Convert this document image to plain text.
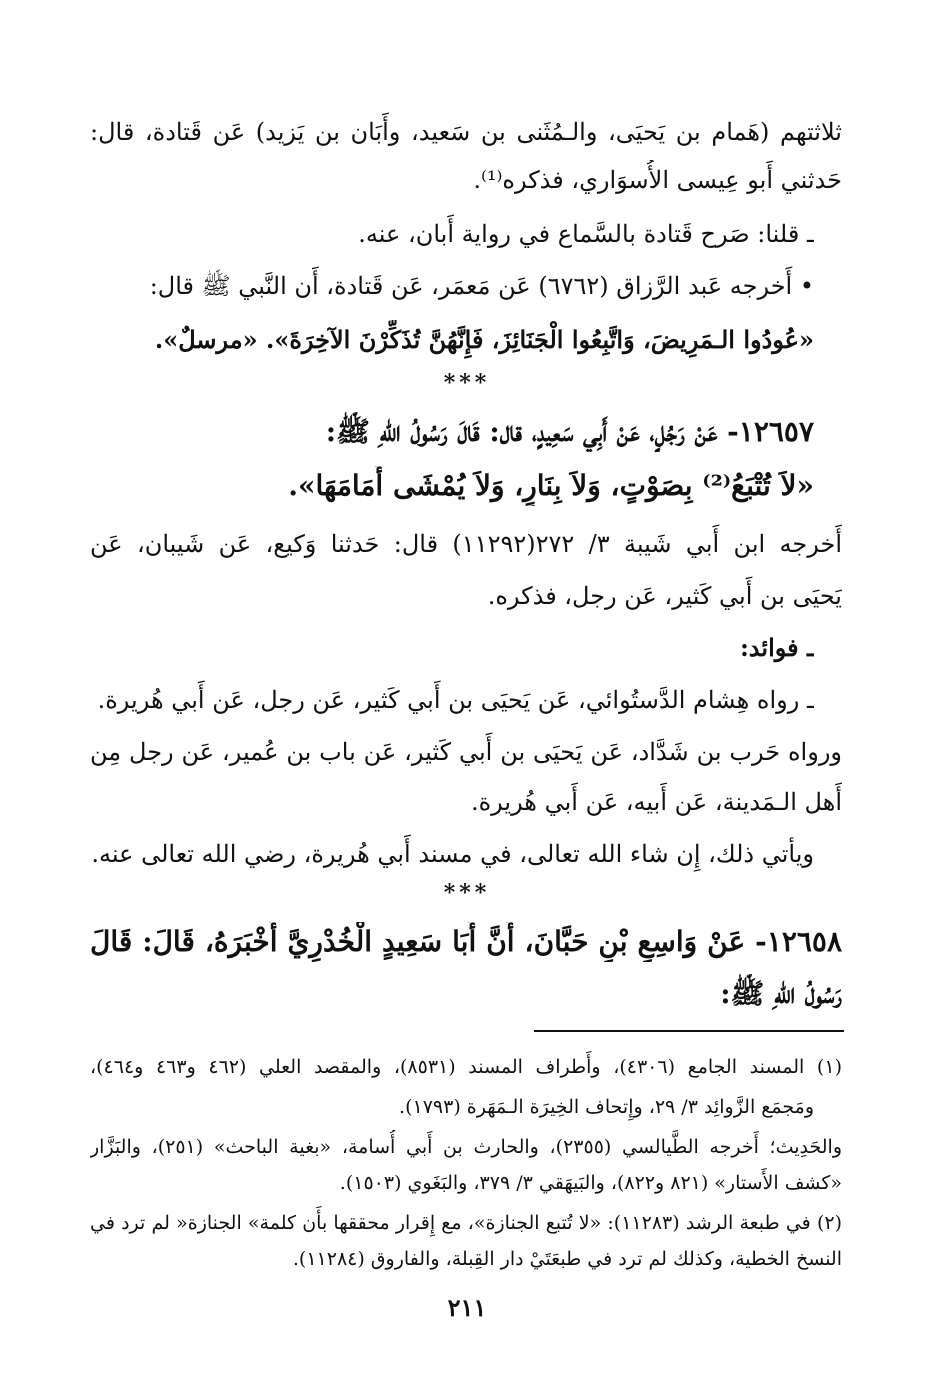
ثلاثتهم (هَمام بن يَحيَى، والـمُثَنى بن سَعيد، وأَبَان بن يَزيد) عَن قَتادة، قال:
حَدثني أَبو عِيسى الأُسوَاري، فذكره⁽¹⁾.
ـ قلنا: صَرح قَتادة بالسَّماع في رواية أَبان، عنه.
• أَخرجه عَبد الرَّزاق (٦٧٦٢) عَن مَعمَر، عَن قَتادة، أَن النَّبي ﷺ قال:
«عُودُوا الـمَرِيضَ، وَاتَّبِعُوا الْجَنَائِزَ، فَإِنَّهُنَّ تُذَكِّرْنَ الآخِرَةَ». «مرسلٌ».
***
١٢٦٥٧- عَنْ رَجُلٍ، عَنْ أَبِي سَعِيدٍ، قال: قَالَ رَسُولُ اللهِ ﷺ:
«لاَ تُتْبَعُ⁽²⁾ بِصَوْتٍ، وَلاَ بِنَارٍ، وَلاَ يُمْشَى أَمَامَهَا».
أَخرجه ابن أَبي شَيبة ٣/ ٢٧٢(١١٢٩٢) قال: حَدثنا وَكيع، عَن شَيبان، عَن
يَحيَى بن أَبي كَثير، عَن رجل، فذكره.
ـ فوائد:
ـ رواه هِشام الدَّستُوائي، عَن يَحيَى بن أَبي كَثير، عَن رجل، عَن أَبي هُريرة.
ورواه حَرب بن شَدَّاد، عَن يَحيَى بن أَبي كَثير، عَن باب بن عُمير، عَن رجل مِن
أَهل الـمَدينة، عَن أَبيه، عَن أَبي هُريرة.
ويأتي ذلك، إِن شاء الله تعالى، في مسند أَبي هُريرة، رضي الله تعالى عنه.
***
١٢٦٥٨- عَنْ وَاسِعِ بْنِ حَبَّانَ، أَنَّ أَبَا سَعِيدٍ الْخُدْرِيَّ أَخْبَرَهُ، قَالَ: قَالَ
رَسُولُ اللهِ ﷺ:
(١) المسند الجامع (٤٣٠٦)، وأَطراف المسند (٨٥٣١)، والمقصد العلي (٤٦٢ و٤٦٣ و٤٦٤)،
ومَجمَع الزَّوائِد ٣/ ٢٩، وإِتحاف الخِيرَة الـمَهَرة (١٧٩٣).
والحَدِيث؛ أَخرجه الطَّيالسي (٢٣٥٥)، والحارث بن أَبي أُسامة، «بغية الباحث» (٢٥١)، والبَزَّار
«كشف الأَستار» (٨٢١ و٨٢٢)، والبَيهَقي ٣/ ٣٧٩، والبَغَوي (١٥٠٣).
(٢) في طبعة الرشد (١١٢٨٣): «لا تُتبع الجنازة»، مع إِقرار محققها بأَن كلمة» الجنازة« لم ترد في
النسخ الخطية، وكذلك لم ترد في طبعَتَيْ دار القِبلة، والفاروق (١١٢٨٤).
٢١١
